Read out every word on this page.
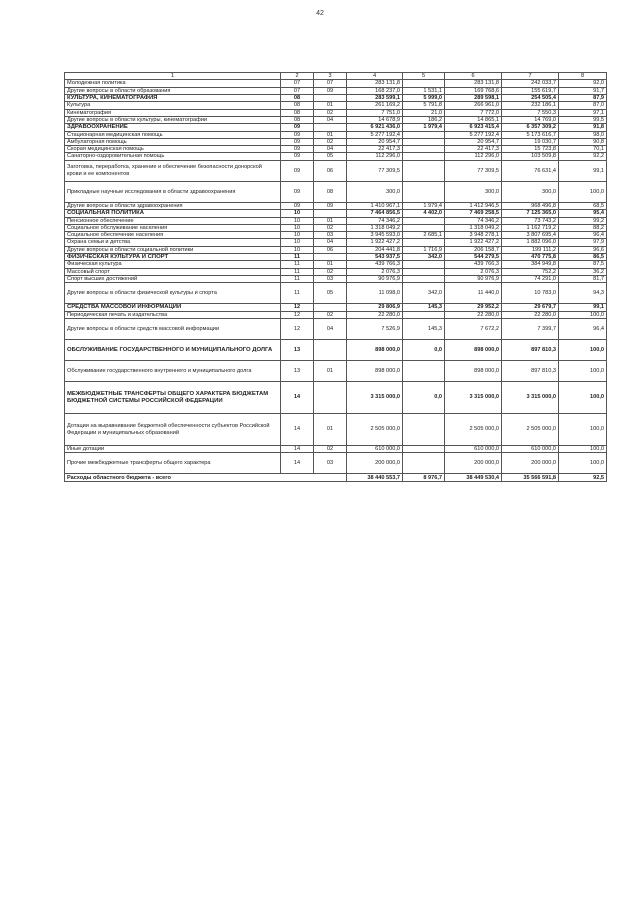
42
1	2	3	4	5	6	7	8
Молодежная политика	07	07	283 131,8		283 131,8	242 033,7	92,0
Другие вопросы в области образования	07	09	168 237,0	1 531,1	169 768,6	155 619,7	91,7
КУЛЬТУРА, КИНЕМАТОГРАФИЯ	08		283 599,1	5 999,0	289 598,1	254 505,4	87,9
Культура	08	01	261 169,2	5 791,8	266 961,0	232 186,1	87,0
Кинематография	08	02	7 751,0	21,0	7 772,0	7 550,3	97,1
Другие вопросы в области культуры, кинематографии	08	04	14 678,9	186,2	14 865,1	14 769,0	99,5
ЗДРАВООХРАНЕНИЕ	09		6 921 436,0	1 979,4	6 923 415,4	6 357 309,2	91,8
Стационарная медицинская помощь	09	01	5 277 192,4		5 277 192,4	5 173 616,7	98,0
Амбулаторная помощь	09	02	20 954,7		20 954,7	19 030,7	90,8
Скорая медицинская помощь	09	04	22 417,3		22 417,3	15 723,8	70,1
Санаторно-оздоровительная помощь	09	05	112 296,0		112 296,0	103 509,8	92,2
Заготовка, переработка, хранение и обеспечение безопасности донорской крови и ее компонентов	09	06	77 309,5		77 309,5	76 631,4	99,1
Прикладные научные исследования в области здравоохранения	09	08	300,0		300,0	300,0	100,0
Другие вопросы в области здравоохранения	09	09	1 410 967,1	1 979,4	1 412 946,5	968 496,8	68,5
СОЦИАЛЬНАЯ ПОЛИТИКА	10		7 464 856,5	4 402,0	7 469 258,5	7 125 365,0	95,4
Пенсионное обеспечение	10	01	74 346,2		74 346,2	73 743,2	99,2
Социальное обслуживание населения	10	02	1 318 049,2		1 318 049,2	1 162 719,2	88,2
Социальное обеспечение населения	10	03	3 945 593,0	2 685,1	3 948 278,1	3 807 695,4	96,4
Охрана семьи и детства	10	04	1 922 427,2		1 922 427,2	1 882 096,0	97,9
Другие вопросы в области социальной политики	10	06	204 441,8	1 716,9	206 158,7	199 111,2	96,6
ФИЗИЧЕСКАЯ КУЛЬТУРА И СПОРТ	11		543 937,5	342,0	544 279,5	470 775,8	86,5
Физическая культура	11	01	439 766,3		439 766,3	384 949,8	87,5
Массовый спорт	11	02	2 076,3		2 076,3	752,2	36,2
Спорт высших достижений	11	03	90 976,9		90 976,9	74 291,0	81,7
Другие вопросы в области физической культуры и спорта	11	05	11 098,0	342,0	11 440,0	10 783,0	94,3
СРЕДСТВА МАССОВОЙ ИНФОРМАЦИИ	12		29 806,9	145,3	29 952,2	29 679,7	99,1
Периодическая печать и издательства	12	02	22 280,0		22 280,0	22 280,0	100,0
Другие вопросы в области средств массовой информации	12	04	7 526,9	145,3	7 672,2	7 399,7	96,4
ОБСЛУЖИВАНИЕ ГОСУДАРСТВЕННОГО И МУНИЦИПАЛЬНОГО ДОЛГА	13		898 000,0	0,0	898 000,0	897 810,3	100,0
Обслуживание государственного внутреннего и муниципального долга	13	01	898 000,0		898 000,0	897 810,3	100,0
МЕЖБЮДЖЕТНЫЕ ТРАНСФЕРТЫ ОБЩЕГО ХАРАКТЕРА БЮДЖЕТАМ БЮДЖЕТНОЙ СИСТЕМЫ РОССИЙСКОЙ ФЕДЕРАЦИИ	14		3 315 000,0	0,0	3 315 000,0	3 315 000,0	100,0
Дотации на выравнивание бюджетной обеспеченности субъектов Российской Федерации и муниципальных образований	14	01	2 505 000,0		2 505 000,0	2 505 000,0	100,0
Иные дотации	14	02	610 000,0		610 000,0	610 000,0	100,0
Прочие межбюджетные трансферты общего характера	14	03	200 000,0		200 000,0	200 000,0	100,0
Расходы областного бюджета - всего			38 440 553,7	8 976,7	38 449 530,4	35 566 591,8	92,5
